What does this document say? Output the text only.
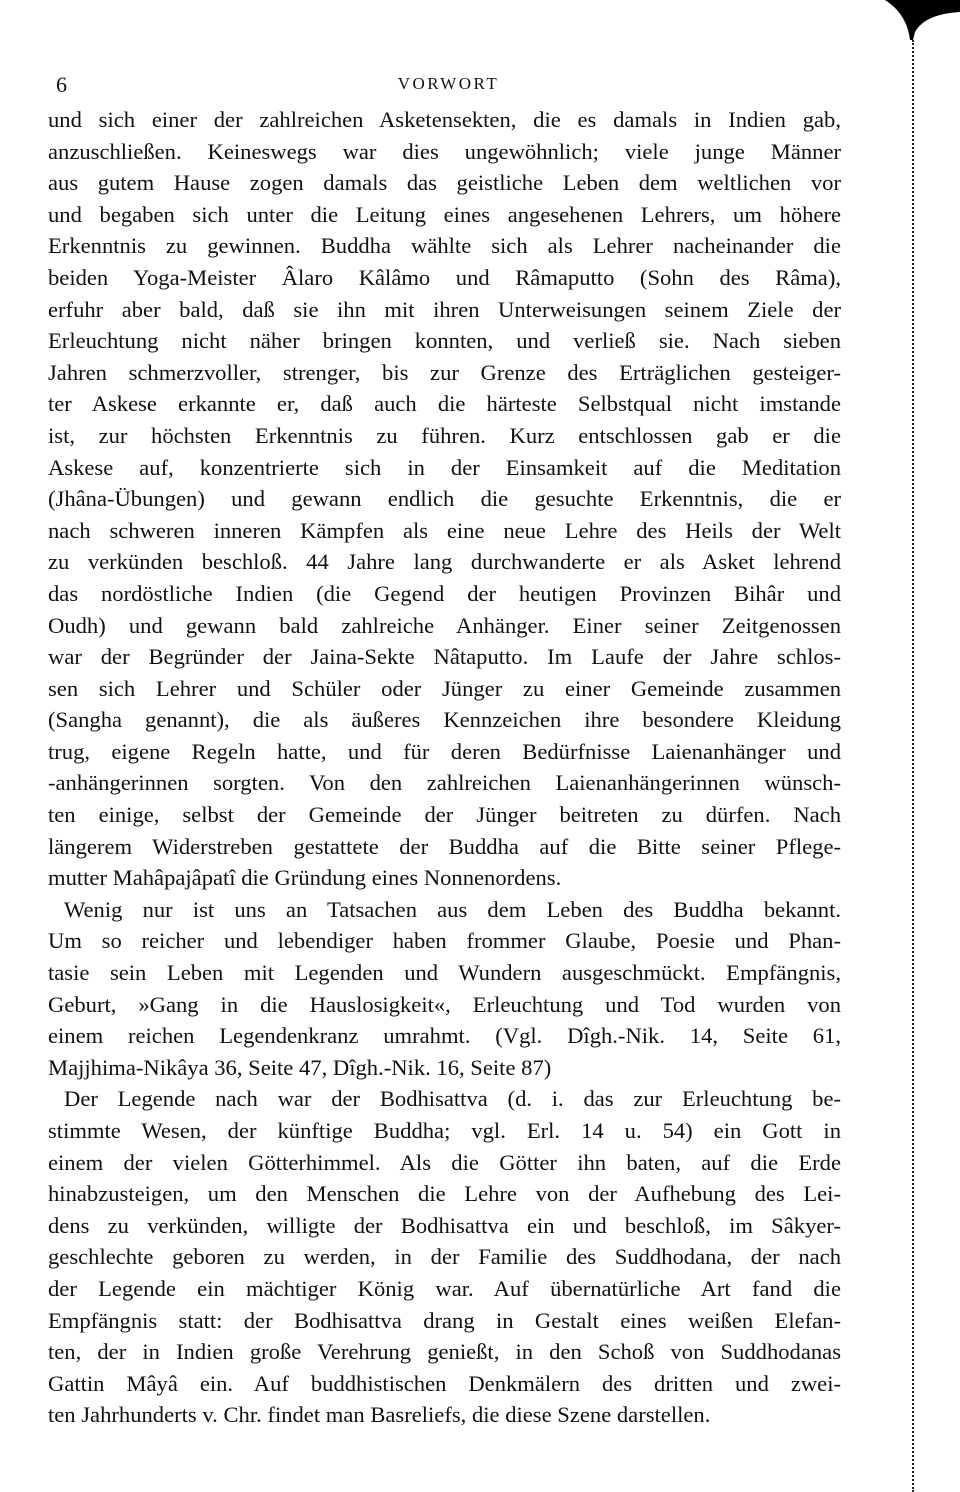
6	VORWORT
und sich einer der zahlreichen Asketensekten, die es damals in Indien gab,
anzuschließen. Keineswegs war dies ungewöhnlich; viele junge Männer
aus gutem Hause zogen damals das geistliche Leben dem weltlichen vor
und begaben sich unter die Leitung eines angesehenen Lehrers, um höhere
Erkenntnis zu gewinnen. Buddha wählte sich als Lehrer nacheinander die
beiden Yoga-Meister Âlaro Kâlâmo und Râmaputto (Sohn des Râma),
erfuhr aber bald, daß sie ihn mit ihren Unterweisungen seinem Ziele der
Erleuchtung nicht näher bringen konnten, und verließ sie. Nach sieben
Jahren schmerzvoller, strenger, bis zur Grenze des Erträglichen gesteiger-
ter Askese erkannte er, daß auch die härteste Selbstqual nicht imstande
ist, zur höchsten Erkenntnis zu führen. Kurz entschlossen gab er die
Askese auf, konzentrierte sich in der Einsamkeit auf die Meditation
(Jhâna-Übungen) und gewann endlich die gesuchte Erkenntnis, die er
nach schweren inneren Kämpfen als eine neue Lehre des Heils der Welt
zu verkünden beschloß. 44 Jahre lang durchwanderte er als Asket lehrend
das nordöstliche Indien (die Gegend der heutigen Provinzen Bihâr und
Oudh) und gewann bald zahlreiche Anhänger. Einer seiner Zeitgenossen
war der Begründer der Jaina-Sekte Nâtaputto. Im Laufe der Jahre schlos-
sen sich Lehrer und Schüler oder Jünger zu einer Gemeinde zusammen
(Sangha genannt), die als äußeres Kennzeichen ihre besondere Kleidung
trug, eigene Regeln hatte, und für deren Bedürfnisse Laienanhänger und
-anhängerinnen sorgten. Von den zahlreichen Laienanhängerinnen wünsch-
ten einige, selbst der Gemeinde der Jünger beitreten zu dürfen. Nach
längerem Widerstreben gestattete der Buddha auf die Bitte seiner Pflege-
mutter Mahâpajâpatî die Gründung eines Nonnenordens.
Wenig nur ist uns an Tatsachen aus dem Leben des Buddha bekannt.
Um so reicher und lebendiger haben frommer Glaube, Poesie und Phan-
tasie sein Leben mit Legenden und Wundern ausgeschmückt. Empfängnis,
Geburt, »Gang in die Hauslosigkeit«, Erleuchtung und Tod wurden von
einem reichen Legendenkranz umrahmt. (Vgl. Dîgh.-Nik. 14, Seite 61,
Majjhima-Nikâya 36, Seite 47, Dîgh.-Nik. 16, Seite 87)
Der Legende nach war der Bodhisattva (d. i. das zur Erleuchtung be-
stimmte Wesen, der künftige Buddha; vgl. Erl. 14 u. 54) ein Gott in
einem der vielen Götterhimmel. Als die Götter ihn baten, auf die Erde
hinabzusteigen, um den Menschen die Lehre von der Aufhebung des Lei-
dens zu verkünden, willigte der Bodhisattva ein und beschloß, im Sâkyer-
geschlechte geboren zu werden, in der Familie des Suddhodana, der nach
der Legende ein mächtiger König war. Auf übernatürliche Art fand die
Empfängnis statt: der Bodhisattva drang in Gestalt eines weißen Elefan-
ten, der in Indien große Verehrung genießt, in den Schoß von Suddhodanas
Gattin Mâyâ ein. Auf buddhistischen Denkmälern des dritten und zwei-
ten Jahrhunderts v. Chr. findet man Basreliefs, die diese Szene darstellen.
